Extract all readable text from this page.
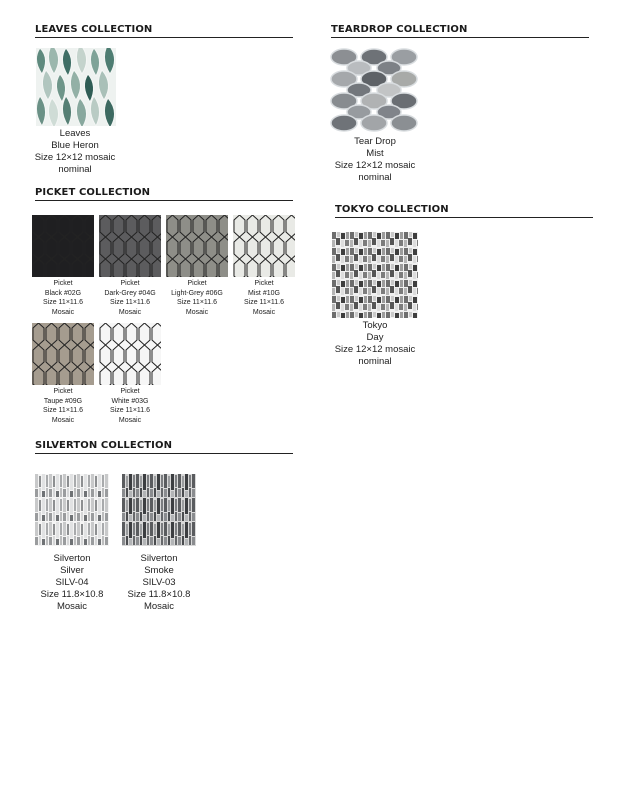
LEAVES COLLECTION
Leaves
Blue Heron
Size 12×12 mosaic
nominal
TEARDROP COLLECTION
Tear Drop
Mist
Size 12×12 mosaic
nominal
PICKET COLLECTION
Picket
Black #02G
Size 11×11.6
Mosaic
Picket
Dark-Grey #04G
Size 11×11.6
Mosaic
Picket
Light-Grey #06G
Size 11×11.6
Mosaic
Picket
Mist #10G
Size 11×11.6
Mosaic
Picket
Taupe #09G
Size 11×11.6
Mosaic
Picket
White #03G
Size 11×11.6
Mosaic
TOKYO COLLECTION
Tokyo
Day
Size 12×12 mosaic
nominal
SILVERTON COLLECTION
Silverton
Silver
SILV-04
Size 11.8×10.8
Mosaic
Silverton
Smoke
SILV-03
Size 11.8×10.8
Mosaic
